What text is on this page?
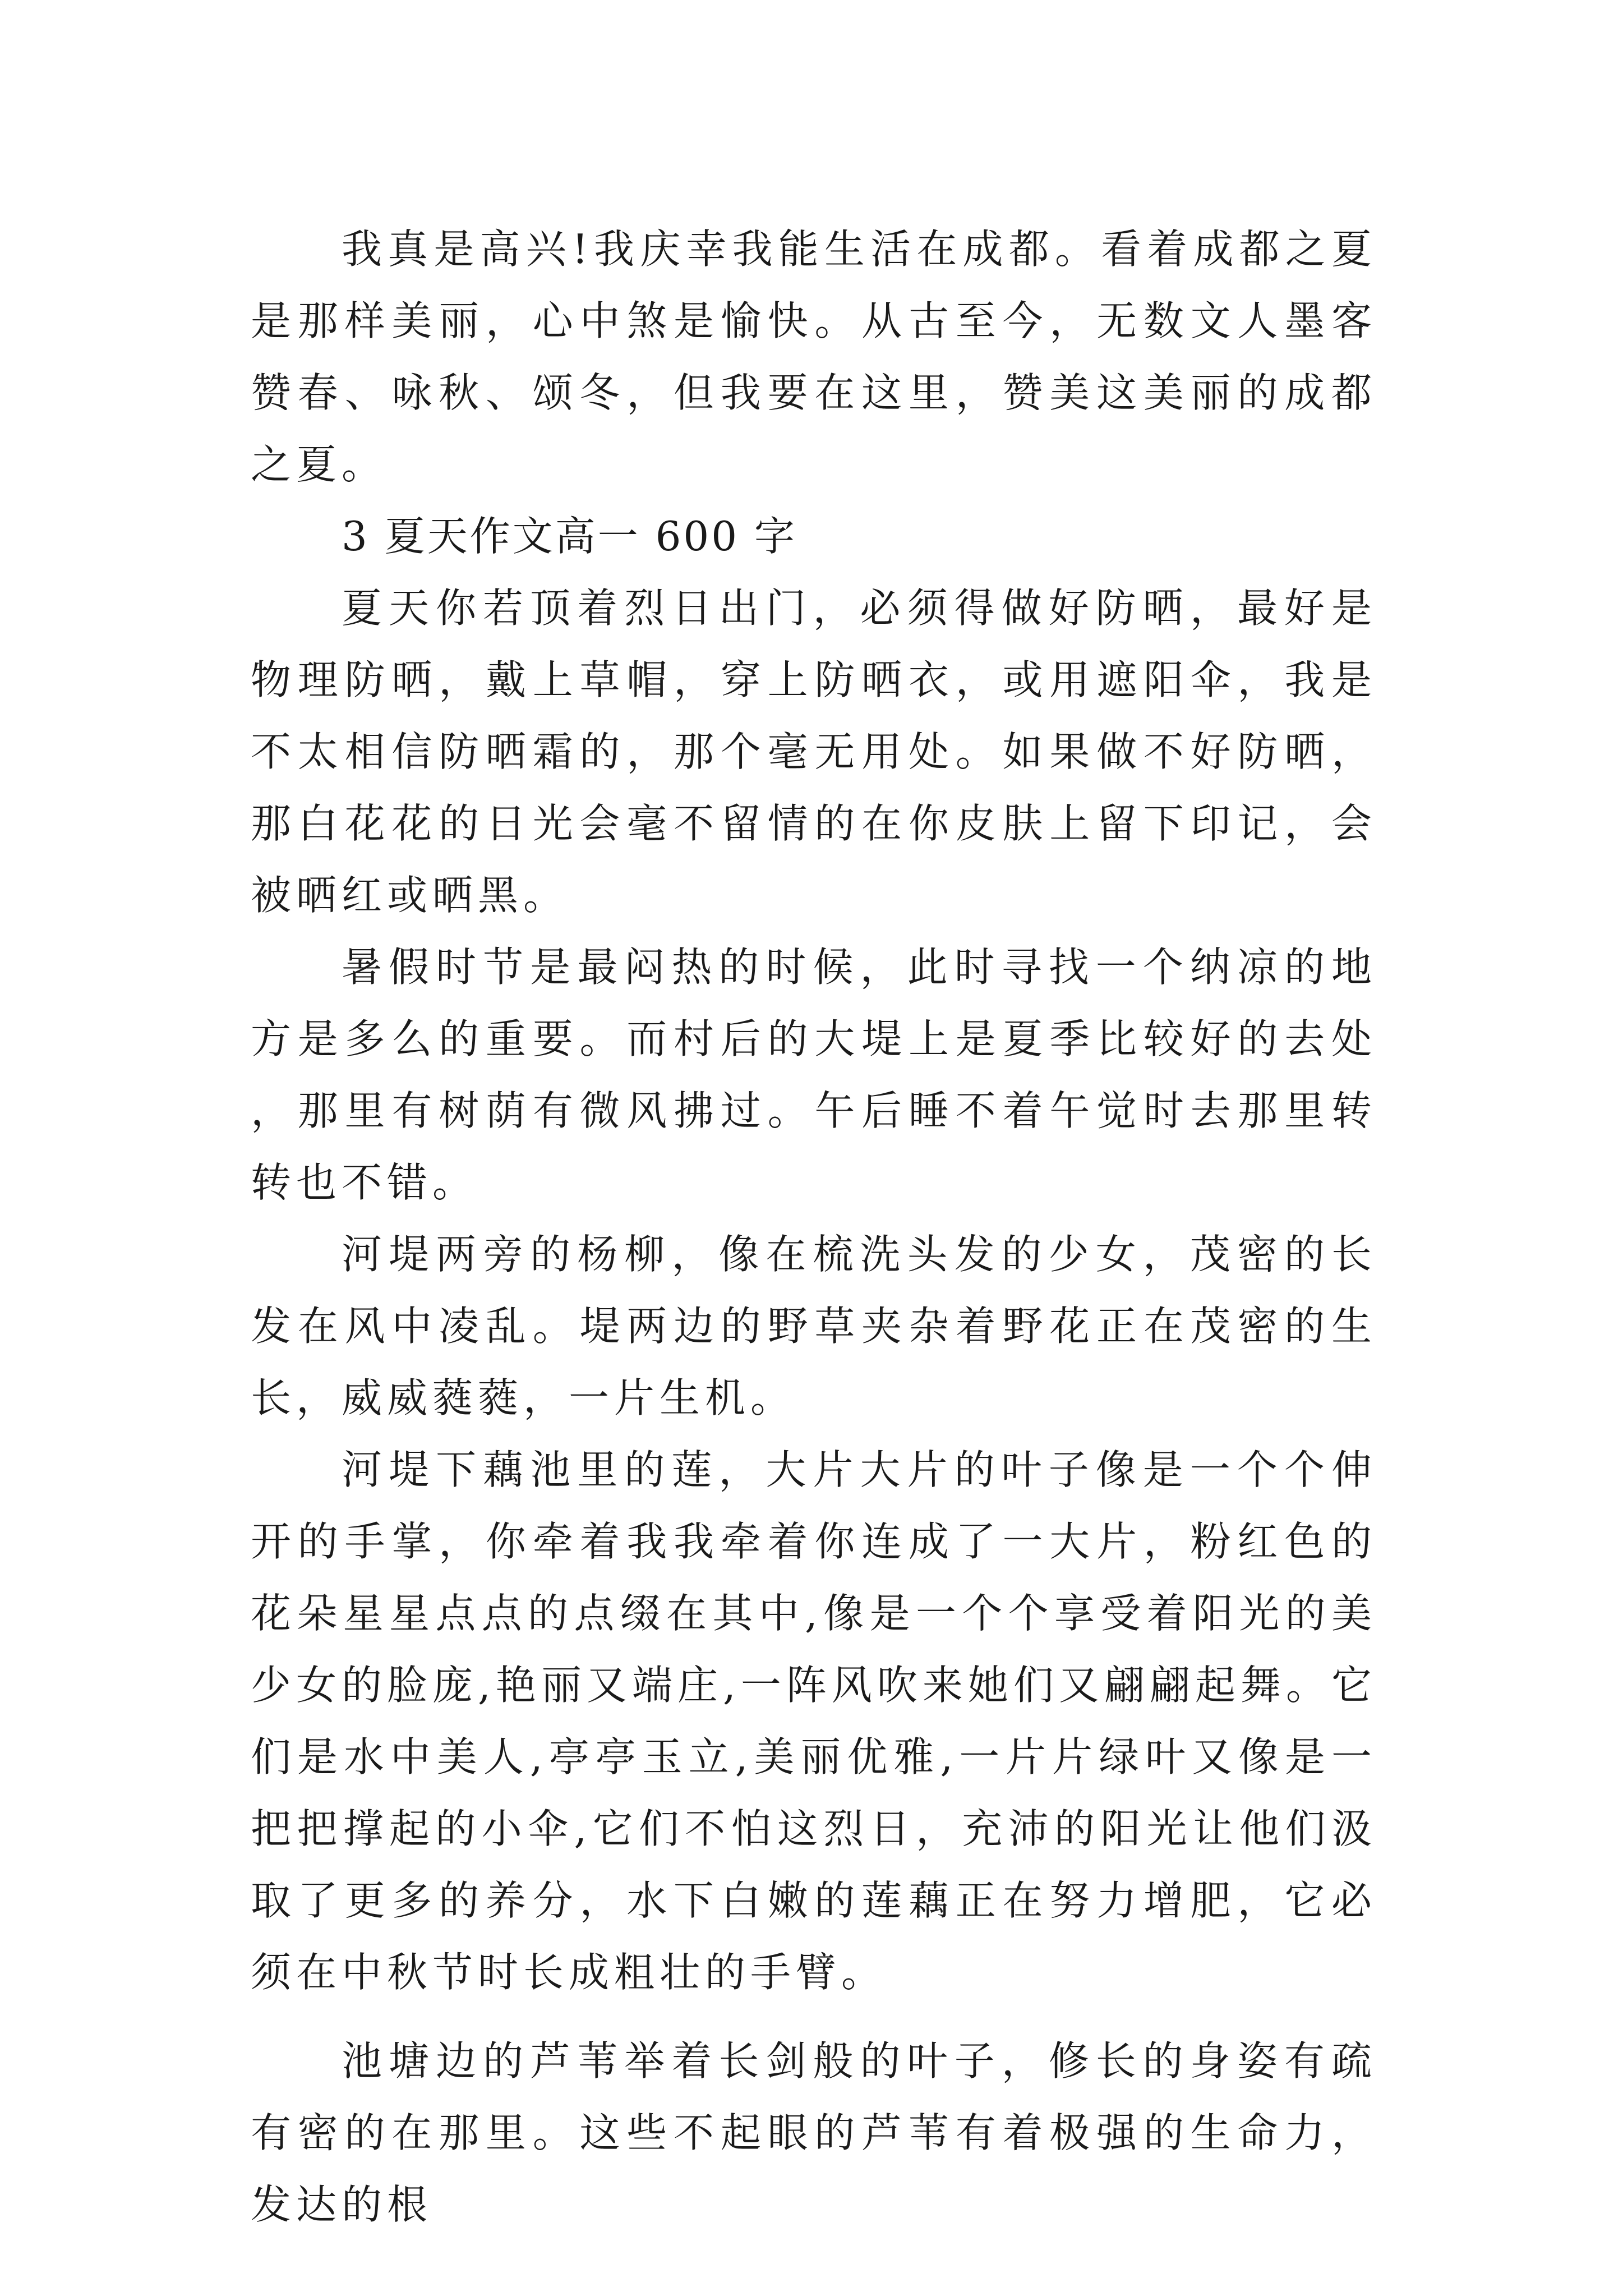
我真是高兴!我庆幸我能生活在成都。看着成都之夏是那样美丽，心中煞是愉快。从古至今，无数文人墨客赞春、咏秋、颂冬，但我要在这里，赞美这美丽的成都之夏。

3 夏天作文高一 600 字

夏天你若顶着烈日出门，必须得做好防晒，最好是物理防晒，戴上草帽，穿上防晒衣，或用遮阳伞，我是不太相信防晒霜的，那个毫无用处。如果做不好防晒，那白花花的日光会毫不留情的在你皮肤上留下印记，会被晒红或晒黑。

暑假时节是最闷热的时候，此时寻找一个纳凉的地方是多么的重要。而村后的大堤上是夏季比较好的去处 ，那里有树荫有微风拂过。午后睡不着午觉时去那里转转也不错。

河堤两旁的杨柳，像在梳洗头发的少女，茂密的长发在风中凌乱。堤两边的野草夹杂着野花正在茂密的生长，威威蕤蕤，一片生机。

河堤下藕池里的莲，大片大片的叶子像是一个个伸开的手掌，你牵着我我牵着你连成了一大片，粉红色的花朵星星点点的点缀在其中,像是一个个享受着阳光的美少女的脸庞,艳丽又端庄,一阵风吹来她们又翩翩起舞。它们是水中美人,亭亭玉立,美丽优雅,一片片绿叶又像是一把把撑起的小伞,它们不怕这烈日，充沛的阳光让他们汲取了更多的养分，水下白嫩的莲藕正在努力增肥，它必须在中秋节时长成粗壮的手臂。

池塘边的芦苇举着长剑般的叶子，修长的身姿有疏有密的在那里。这些不起眼的芦苇有着极强的生命力，发达的根
